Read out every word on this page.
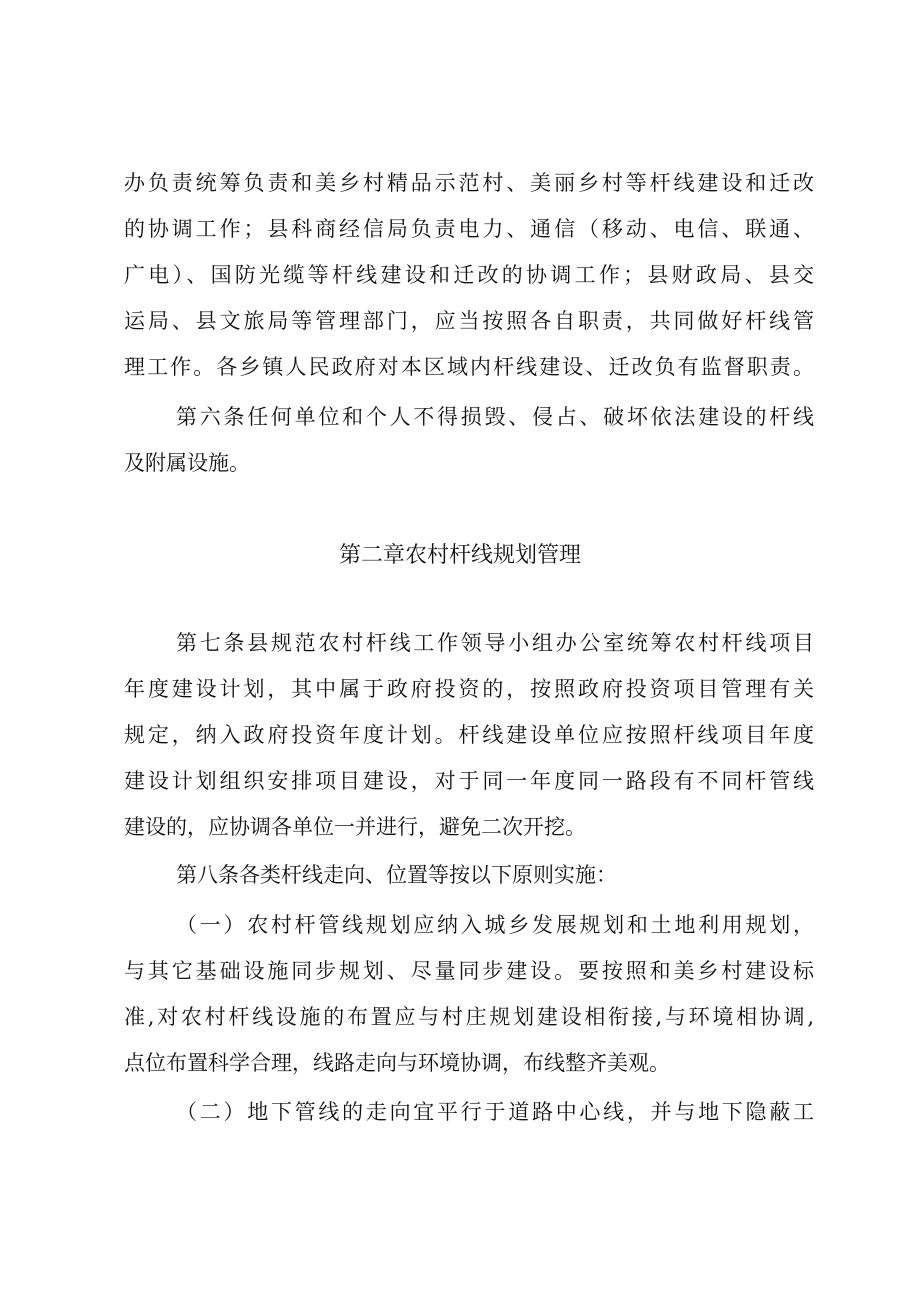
办负责统筹负责和美乡村精品示范村、美丽乡村等杆线建设和迁改
的协调工作；县科商经信局负责电力、通信（移动、电信、联通、
广电）、国防光缆等杆线建设和迁改的协调工作；县财政局、县交
运局、县文旅局等管理部门，应当按照各自职责，共同做好杆线管
理工作。各乡镇人民政府对本区域内杆线建设、迁改负有监督职责。
第六条任何单位和个人不得损毁、侵占、破坏依法建设的杆线
及附属设施。
第二章农村杆线规划管理
第七条县规范农村杆线工作领导小组办公室统筹农村杆线项目
年度建设计划，其中属于政府投资的，按照政府投资项目管理有关
规定，纳入政府投资年度计划。杆线建设单位应按照杆线项目年度
建设计划组织安排项目建设，对于同一年度同一路段有不同杆管线
建设的，应协调各单位一并进行，避免二次开挖。
第八条各类杆线走向、位置等按以下原则实施：
（一）农村杆管线规划应纳入城乡发展规划和土地利用规划，
与其它基础设施同步规划、尽量同步建设。要按照和美乡村建设标
准,对农村杆线设施的布置应与村庄规划建设相衔接,与环境相协调,
点位布置科学合理，线路走向与环境协调，布线整齐美观。
（二）地下管线的走向宜平行于道路中心线，并与地下隐蔽工
